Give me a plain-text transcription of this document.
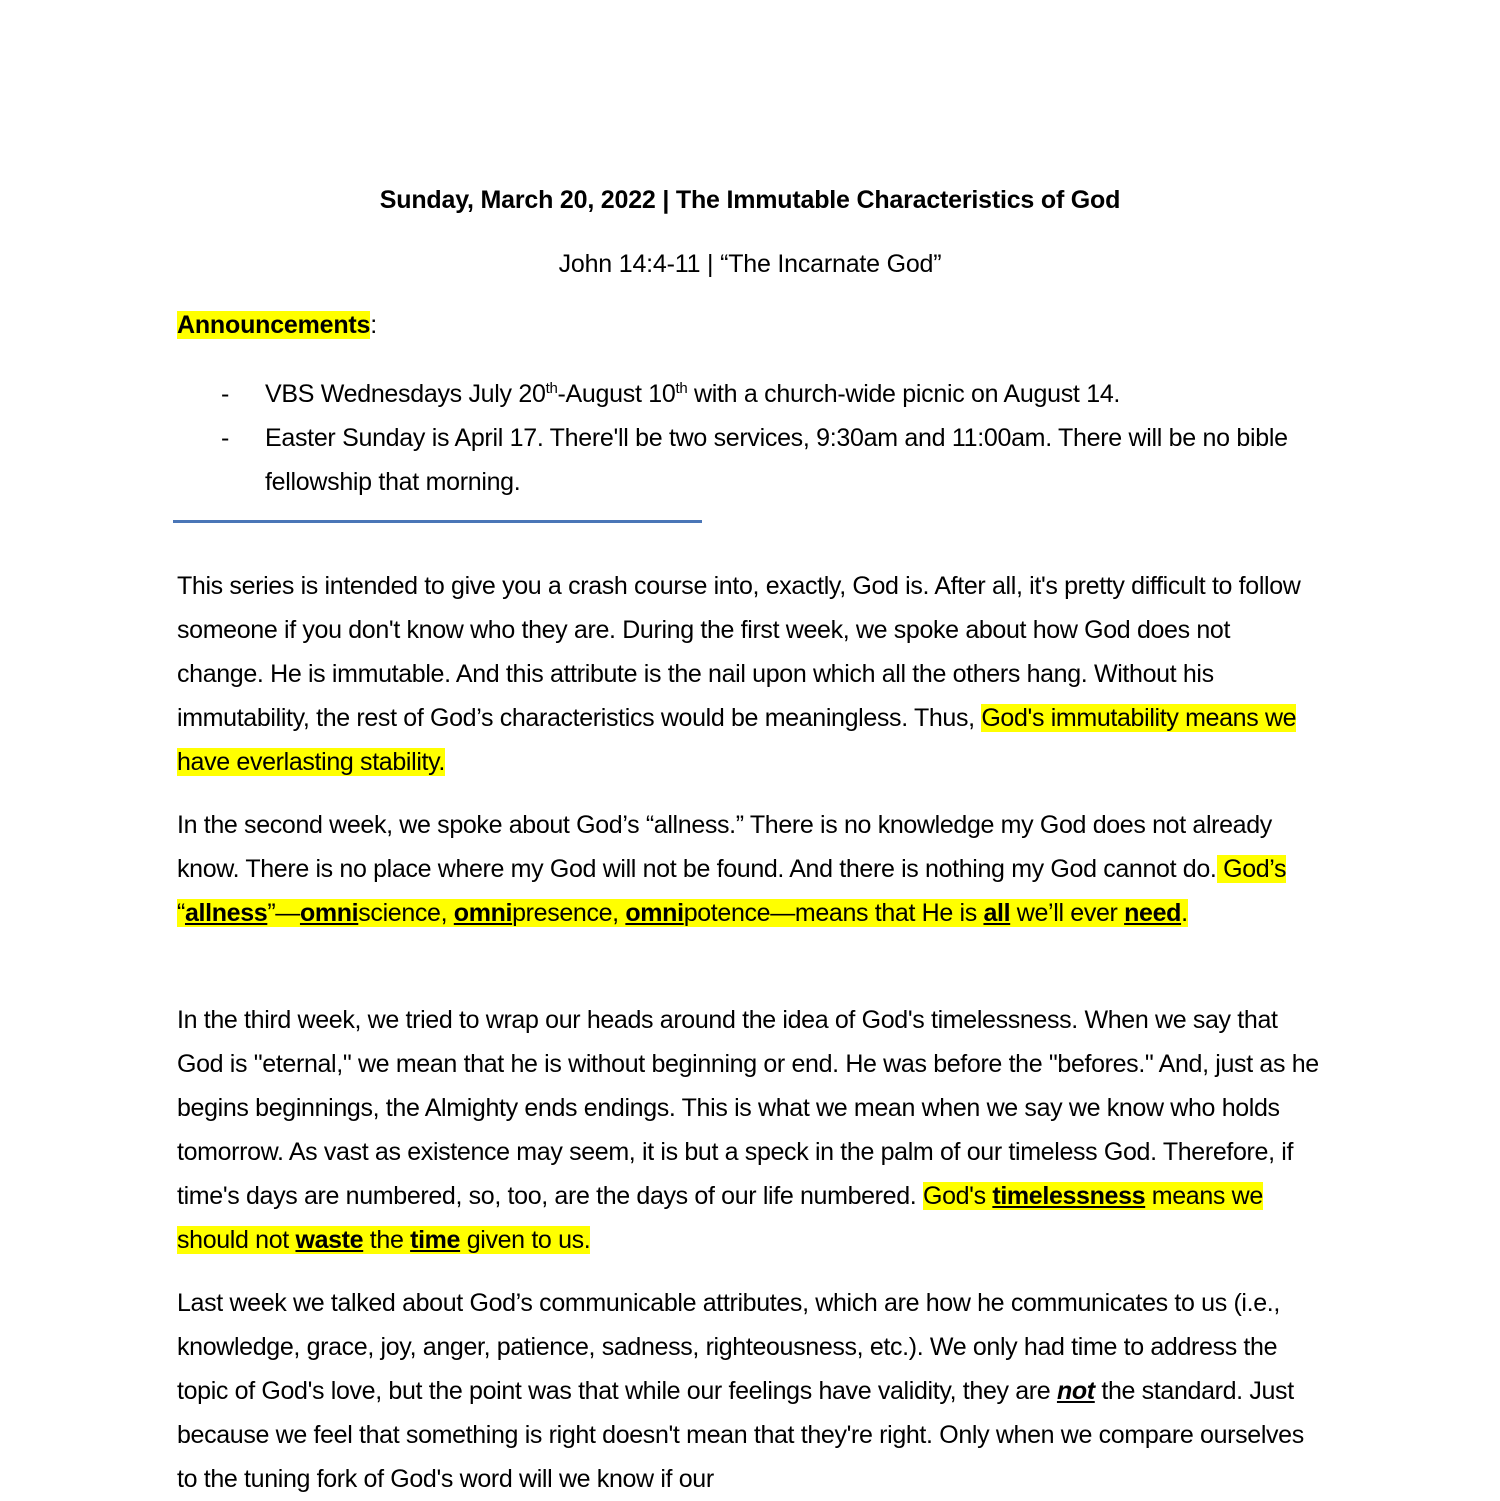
Sunday, March 20, 2022 | The Immutable Characteristics of God
John 14:4-11 | “The Incarnate God”
Announcements:
- VBS Wednesdays July 20th-August 10th with a church-wide picnic on August 14.
- Easter Sunday is April 17. There'll be two services, 9:30am and 11:00am. There will be no bible fellowship that morning.
This series is intended to give you a crash course into, exactly, God is. After all, it's pretty difficult to follow someone if you don't know who they are. During the first week, we spoke about how God does not change. He is immutable. And this attribute is the nail upon which all the others hang. Without his immutability, the rest of God’s characteristics would be meaningless. Thus, God's immutability means we have everlasting stability.
In the second week, we spoke about God’s “allness.” There is no knowledge my God does not already know. There is no place where my God will not be found. And there is nothing my God cannot do. God’s “allness”—omniscience, omnipresence, omnipotence—means that He is all we’ll ever need.
In the third week, we tried to wrap our heads around the idea of God's timelessness. When we say that God is "eternal," we mean that he is without beginning or end. He was before the "befores." And, just as he begins beginnings, the Almighty ends endings. This is what we mean when we say we know who holds tomorrow. As vast as existence may seem, it is but a speck in the palm of our timeless God. Therefore, if time's days are numbered, so, too, are the days of our life numbered. God's timelessness means we should not waste the time given to us.
Last week we talked about God’s communicable attributes, which are how he communicates to us (i.e., knowledge, grace, joy, anger, patience, sadness, righteousness, etc.). We only had time to address the topic of God's love, but the point was that while our feelings have validity, they are not the standard. Just because we feel that something is right doesn't mean that they're right. Only when we compare ourselves to the tuning fork of God's word will we know if our
